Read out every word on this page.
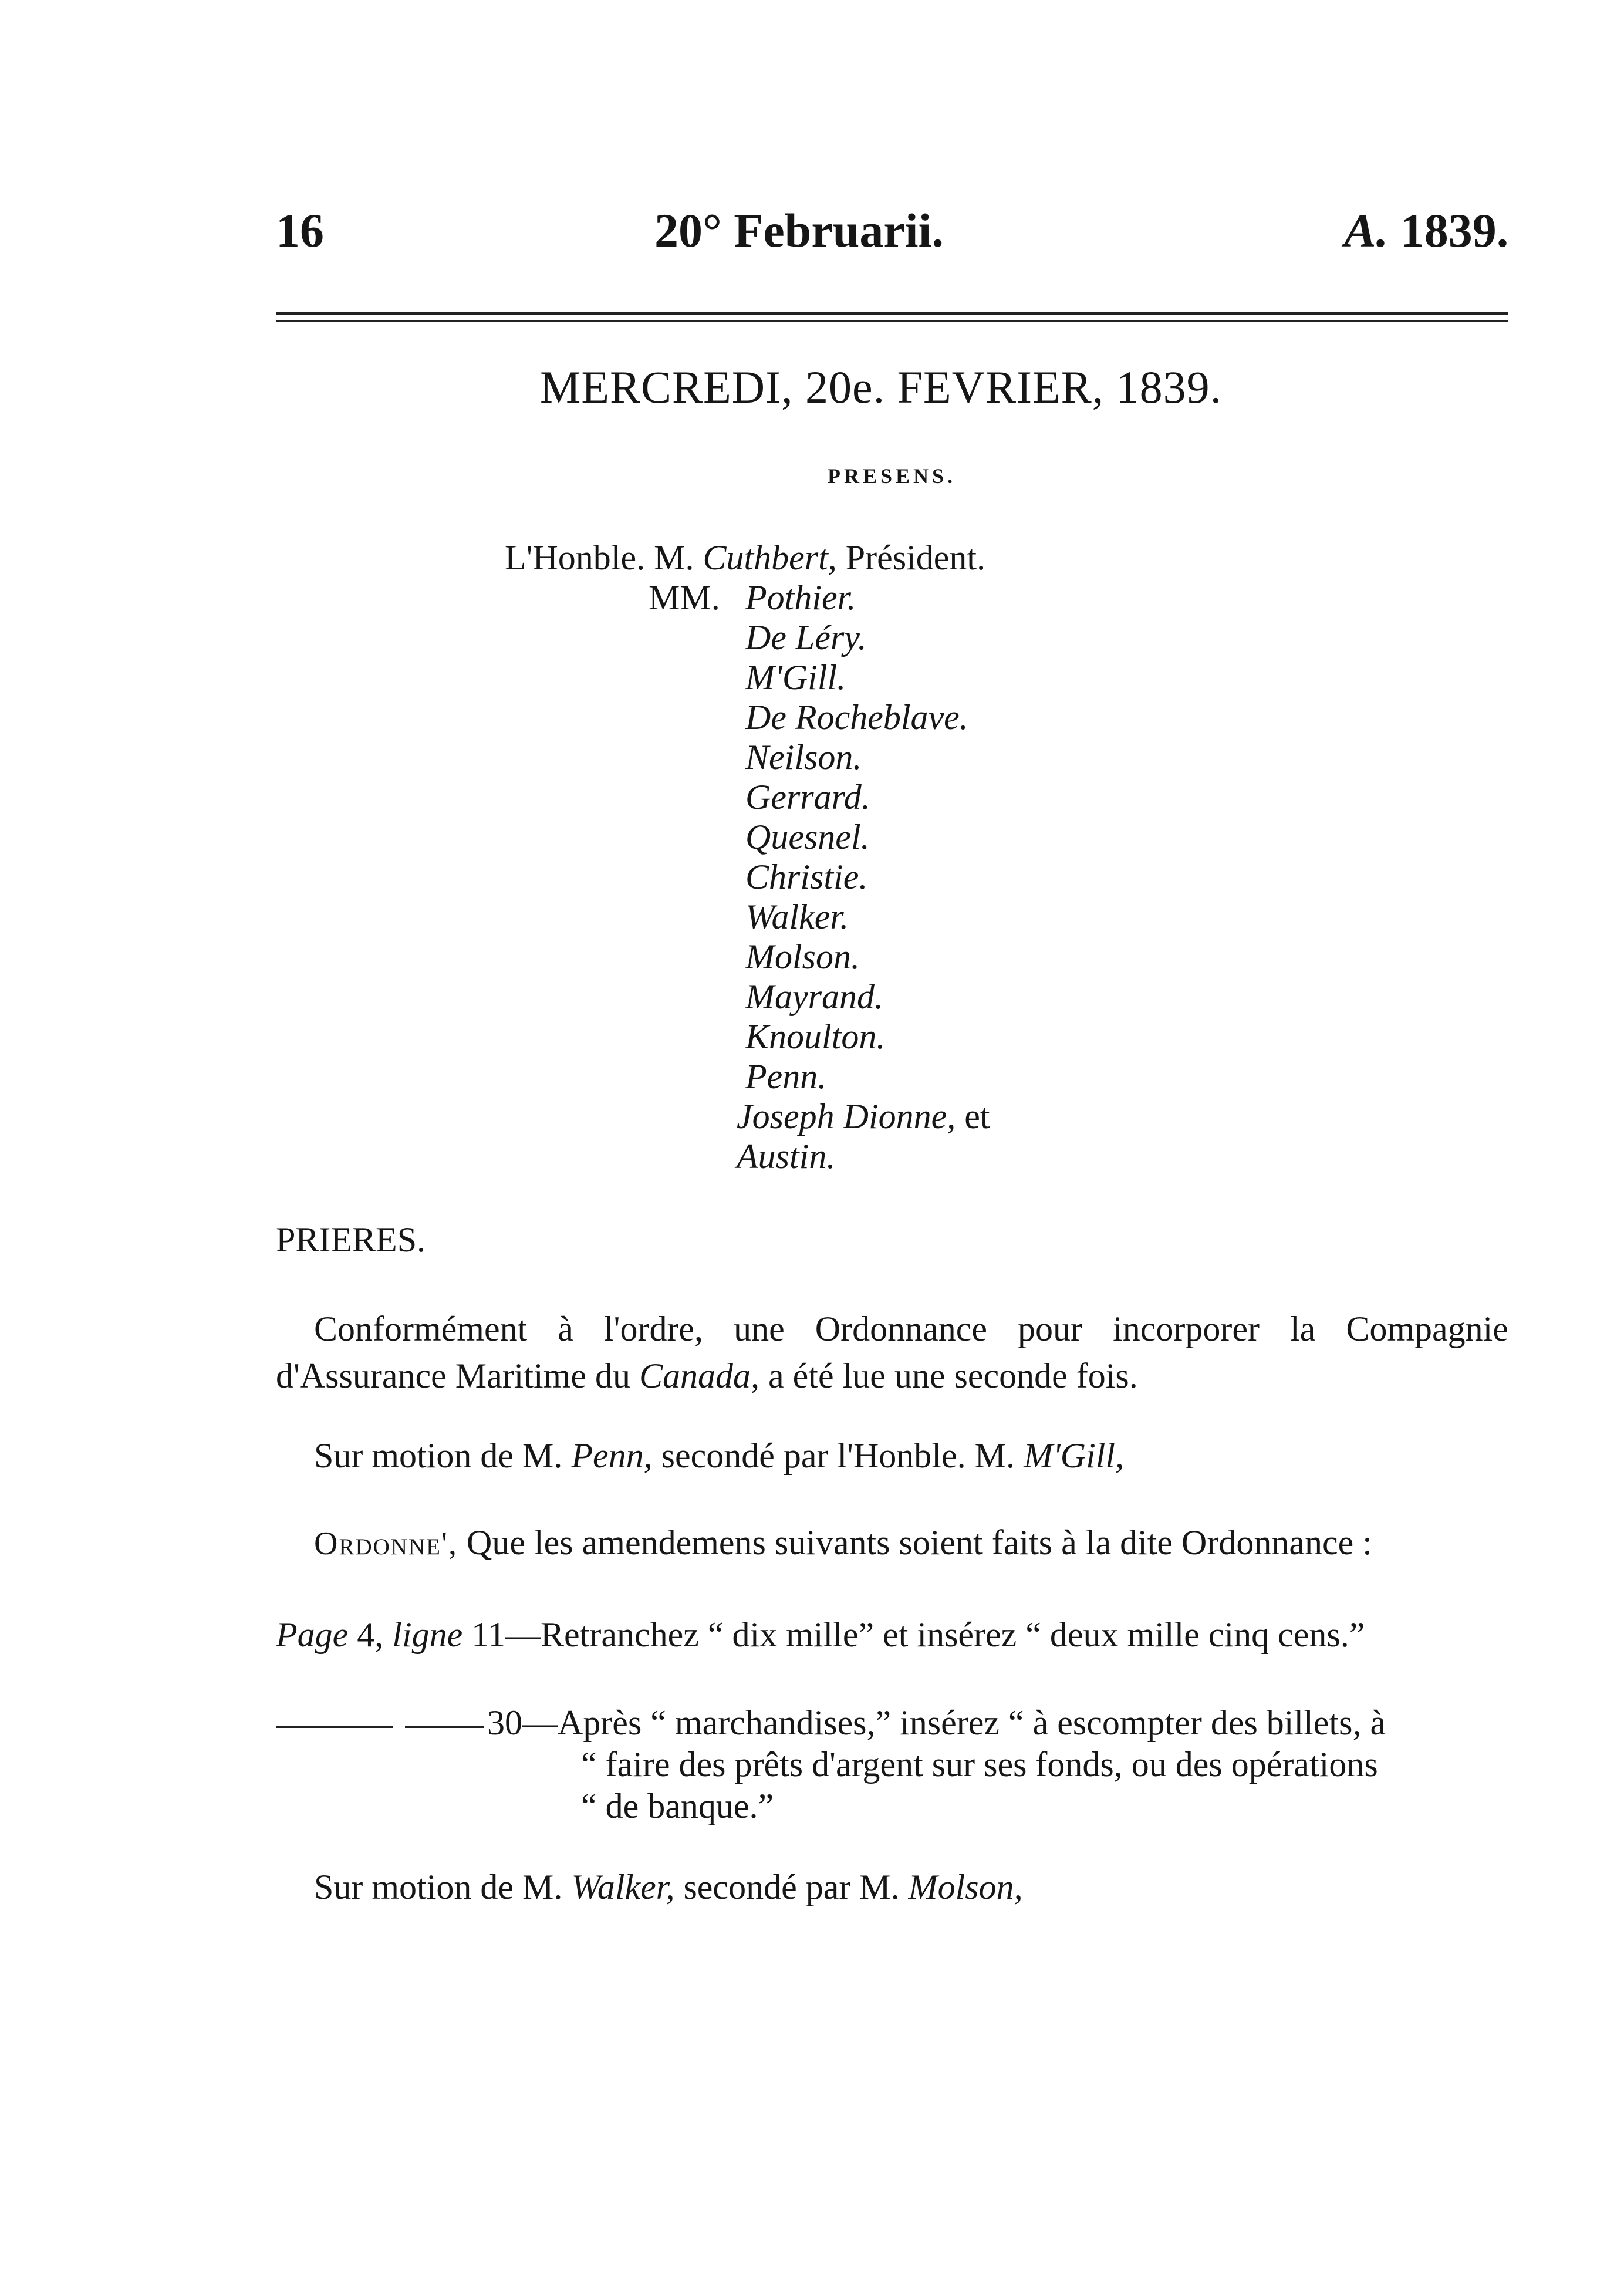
16	20° Februarii.	A. 1839.
MERCREDI, 20e. FEVRIER, 1839.
PRESENS.
L'Honble. M. Cuthbert, Président.
MM. Pothier.
De Léry.
M'Gill.
De Rocheblave.
Neilson.
Gerrard.
Quesnel.
Christie.
Walker.
Molson.
Mayrand.
Knoulton.
Penn.
Joseph Dionne, et
Austin.
PRIERES.
Conformément à l'ordre, une Ordonnance pour incorporer la Compagnie
d'Assurance Maritime du Canada, a été lue une seconde fois.
Sur motion de M. Penn, secondé par l'Honble. M. M'Gill,
Ordonne', Que les amendemens suivants soient faits à la dite Ordonnance :
Page 4, ligne 11—Retranchez “ dix mille” et insérez “ deux mille cinq cens.”
30—Après “ marchandises,” insérez “ à escompter des billets, à
“ faire des prêts d'argent sur ses fonds, ou des opérations
“ de banque.”
Sur motion de M. Walker, secondé par M. Molson,
